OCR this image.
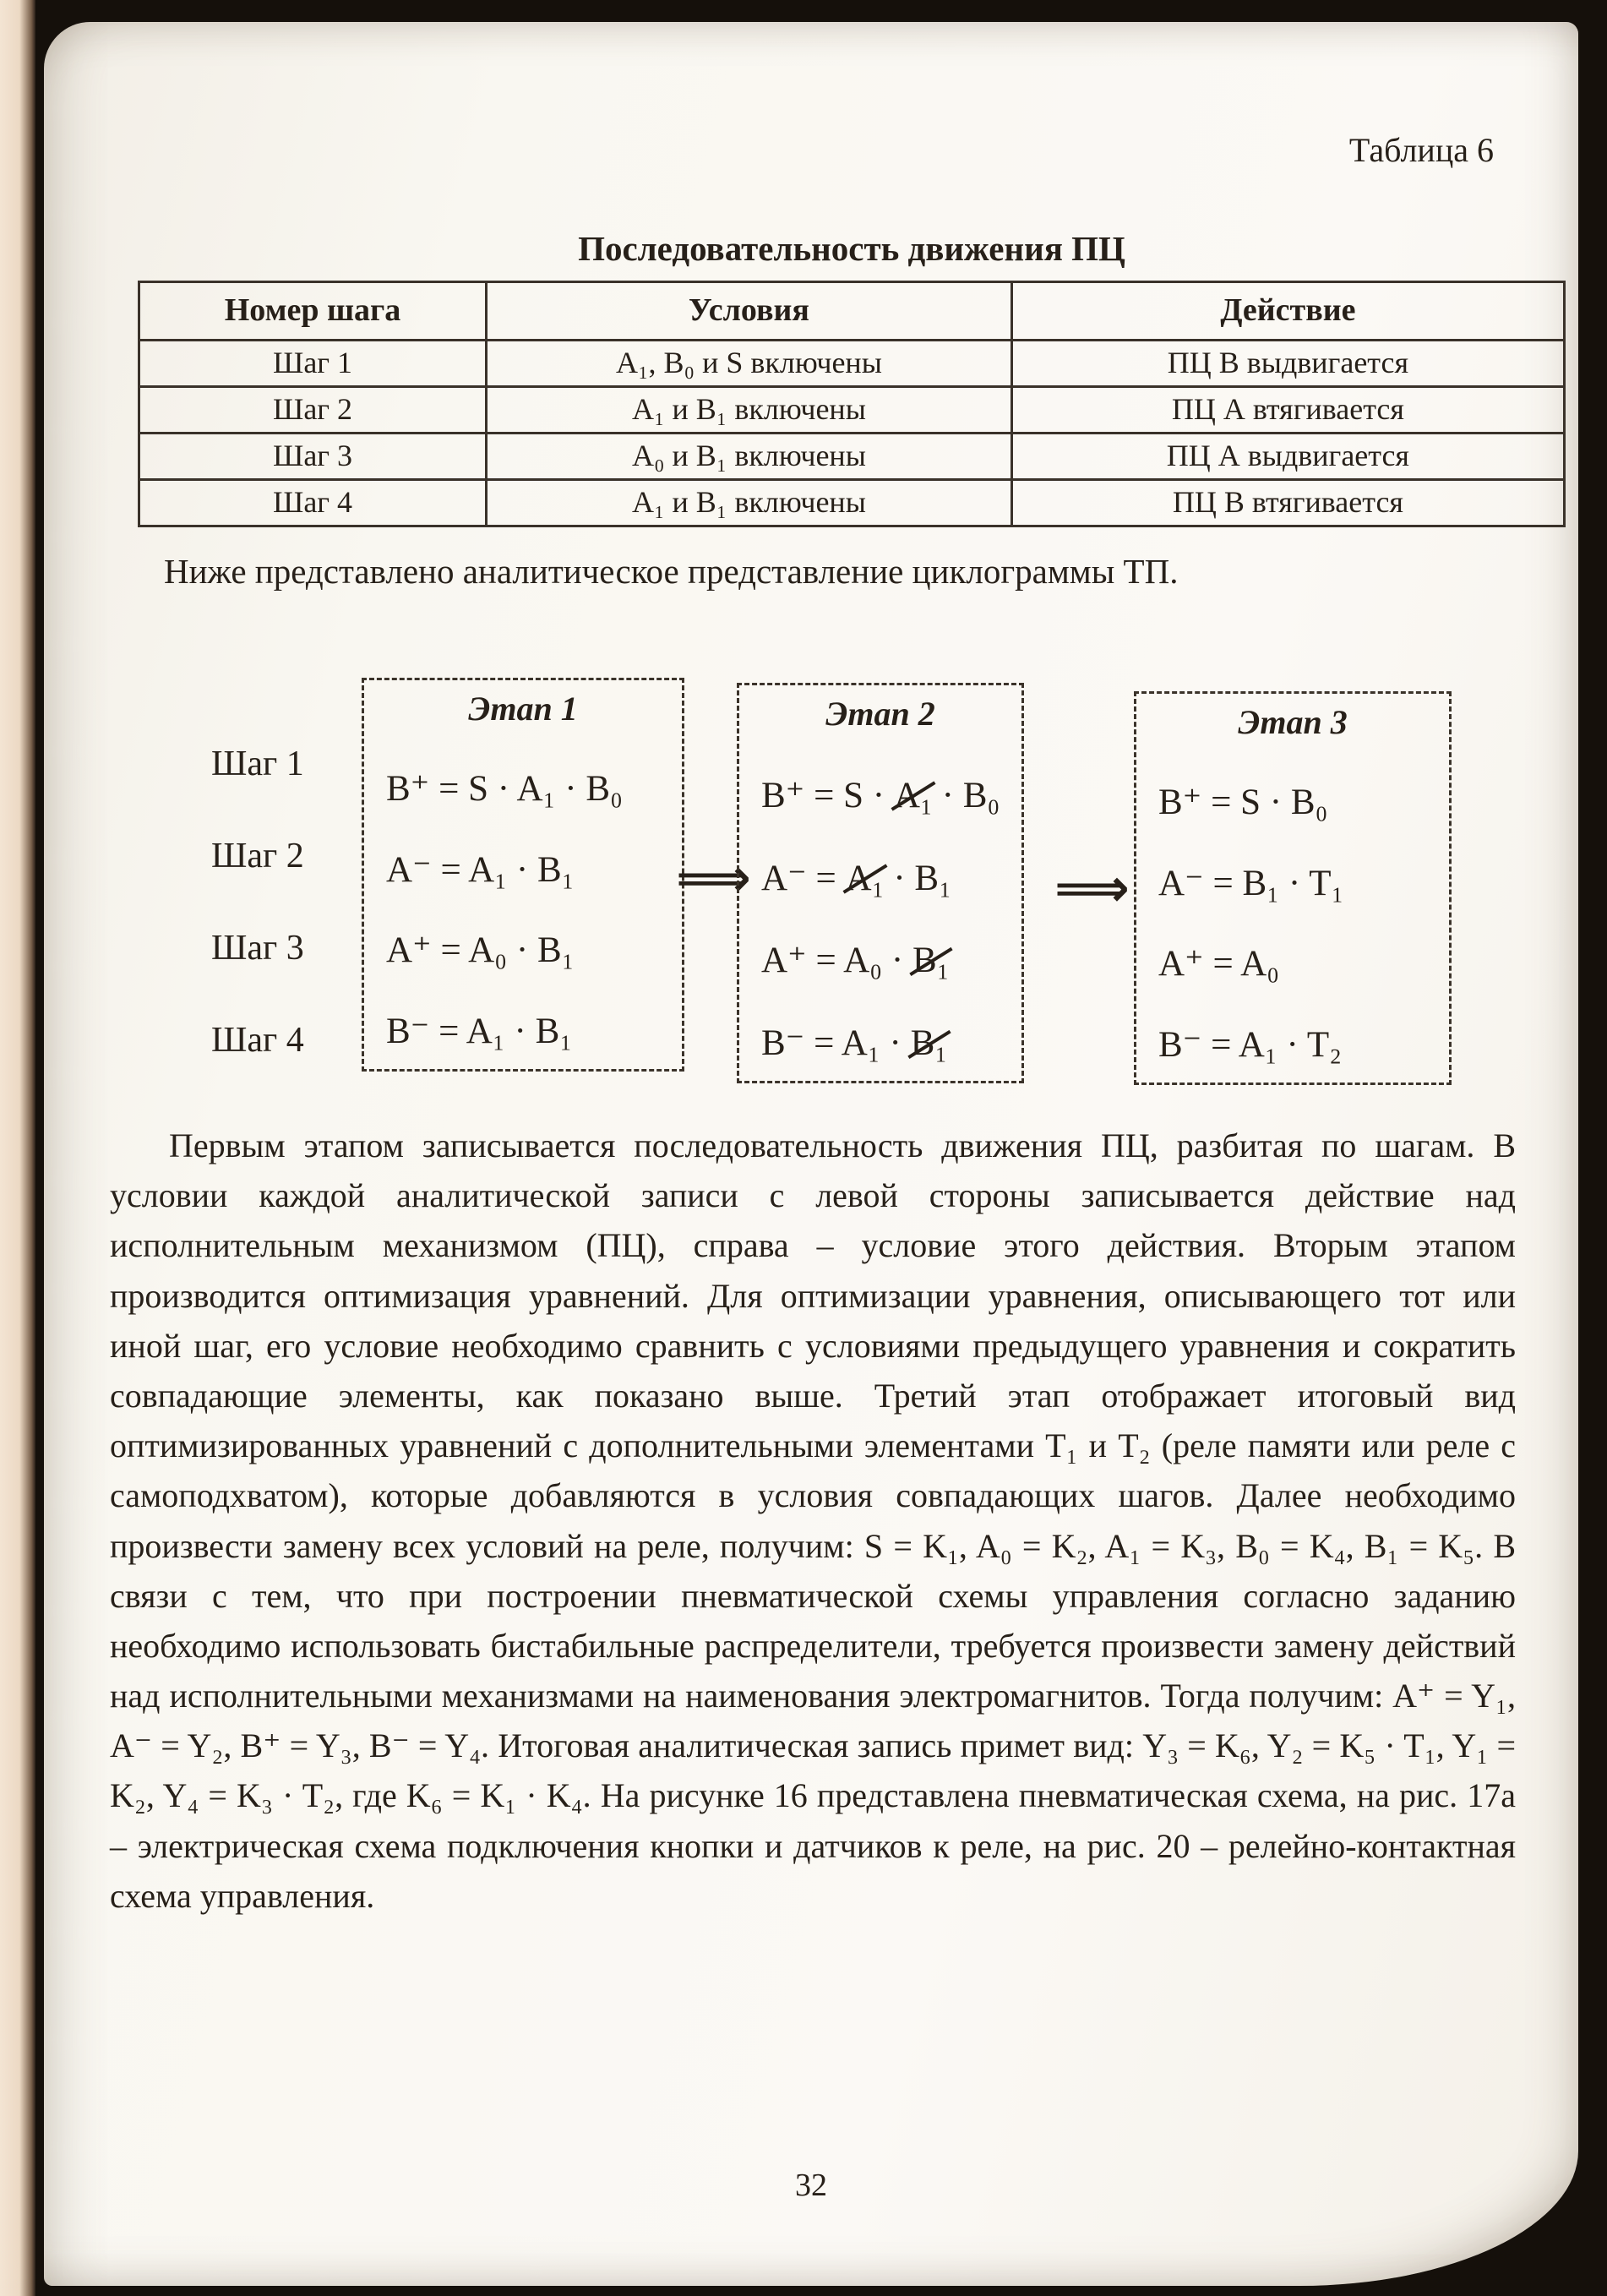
Таблица 6
Последовательность движения ПЦ
Номер шага	Условия	Действие
Шаг 1	A₁, B₀ и S включены	ПЦ В выдвигается
Шаг 2	A₁ и B₁ включены	ПЦ А втягивается
Шаг 3	A₀ и B₁ включены	ПЦ А выдвигается
Шаг 4	A₁ и B₁ включены	ПЦ В втягивается

Ниже представлено аналитическое представление циклограммы ТП.

Шаг 1
Шаг 2
Шаг 3
Шаг 4
Этап 1
B⁺ = S · A₁ · B₀
A⁻ = A₁ · B₁
A⁺ = A₀ · B₁
B⁻ = A₁ · B₁
⟹
Этап 2
B⁺ = S · A₁ · B₀
A⁻ = A₁ · B₁
A⁺ = A₀ · B₁
B⁻ = A₁ · B₁
⟹
Этап 3
B⁺ = S · B₀
A⁻ = B₁ · T₁
A⁺ = A₀
B⁻ = A₁ · T₂

Первым этапом записывается последовательность движения ПЦ, разбитая по шагам. В условии каждой аналитической записи с левой стороны записывается действие над исполнительным механизмом (ПЦ), справа – условие этого действия. Вторым этапом производится оптимизация уравнений. Для оптимизации уравнения, описывающего тот или иной шаг, его условие необходимо сравнить с условиями предыдущего уравнения и сократить совпадающие элементы, как показано выше. Третий этап отображает итоговый вид оптимизированных уравнений с дополнительными элементами Т₁ и Т₂ (реле памяти или реле с самоподхватом), которые добавляются в условия совпадающих шагов. Далее необходимо произвести замену всех условий на реле, получим: S = K₁, A₀ = K₂, A₁ = K₃, B₀ = K₄, B₁ = K₅. В связи с тем, что при построении пневматической схемы управления согласно заданию необходимо использовать бистабильные распределители, требуется произвести замену действий над исполнительными механизмами на наименования электромагнитов. Тогда получим: A⁺ = Y₁, A⁻ = Y₂, B⁺ = Y₃, B⁻ = Y₄. Итоговая аналитическая запись примет вид: Y₃ = K₆, Y₂ = K₅ · T₁, Y₁ = K₂, Y₄ = K₃ · T₂, где K₆ = K₁ · K₄. На рисунке 16 представлена пневматическая схема, на рис. 17а – электрическая схема подключения кнопки и датчиков к реле, на рис. 20 – релейно-контактная схема управления.

32
